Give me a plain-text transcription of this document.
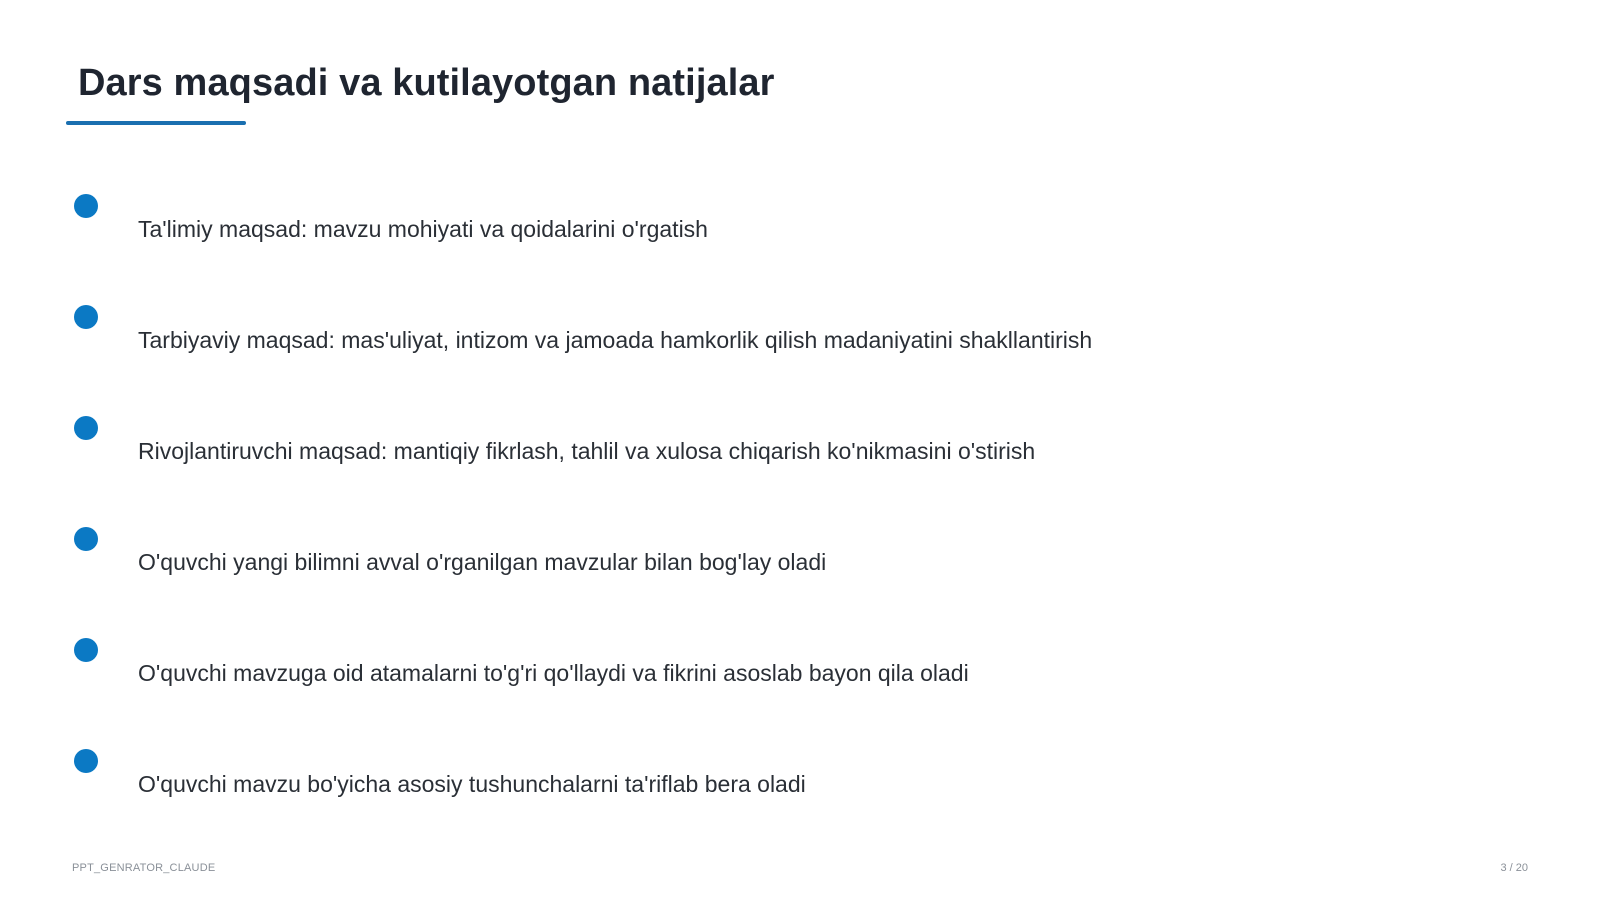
Dars maqsadi va kutilayotgan natijalar
Ta'limiy maqsad: mavzu mohiyati va qoidalarini o'rgatish
Tarbiyaviy maqsad: mas'uliyat, intizom va jamoada hamkorlik qilish madaniyatini shakllantirish
Rivojlantiruvchi maqsad: mantiqiy fikrlash, tahlil va xulosa chiqarish ko'nikmasini o'stirish
O'quvchi yangi bilimni avval o'rganilgan mavzular bilan bog'lay oladi
O'quvchi mavzuga oid atamalarni to'g'ri qo'llaydi va fikrini asoslab bayon qila oladi
O'quvchi mavzu bo'yicha asosiy tushunchalarni ta'riflab bera oladi
PPT_GENRATOR_CLAUDE	3 / 20
